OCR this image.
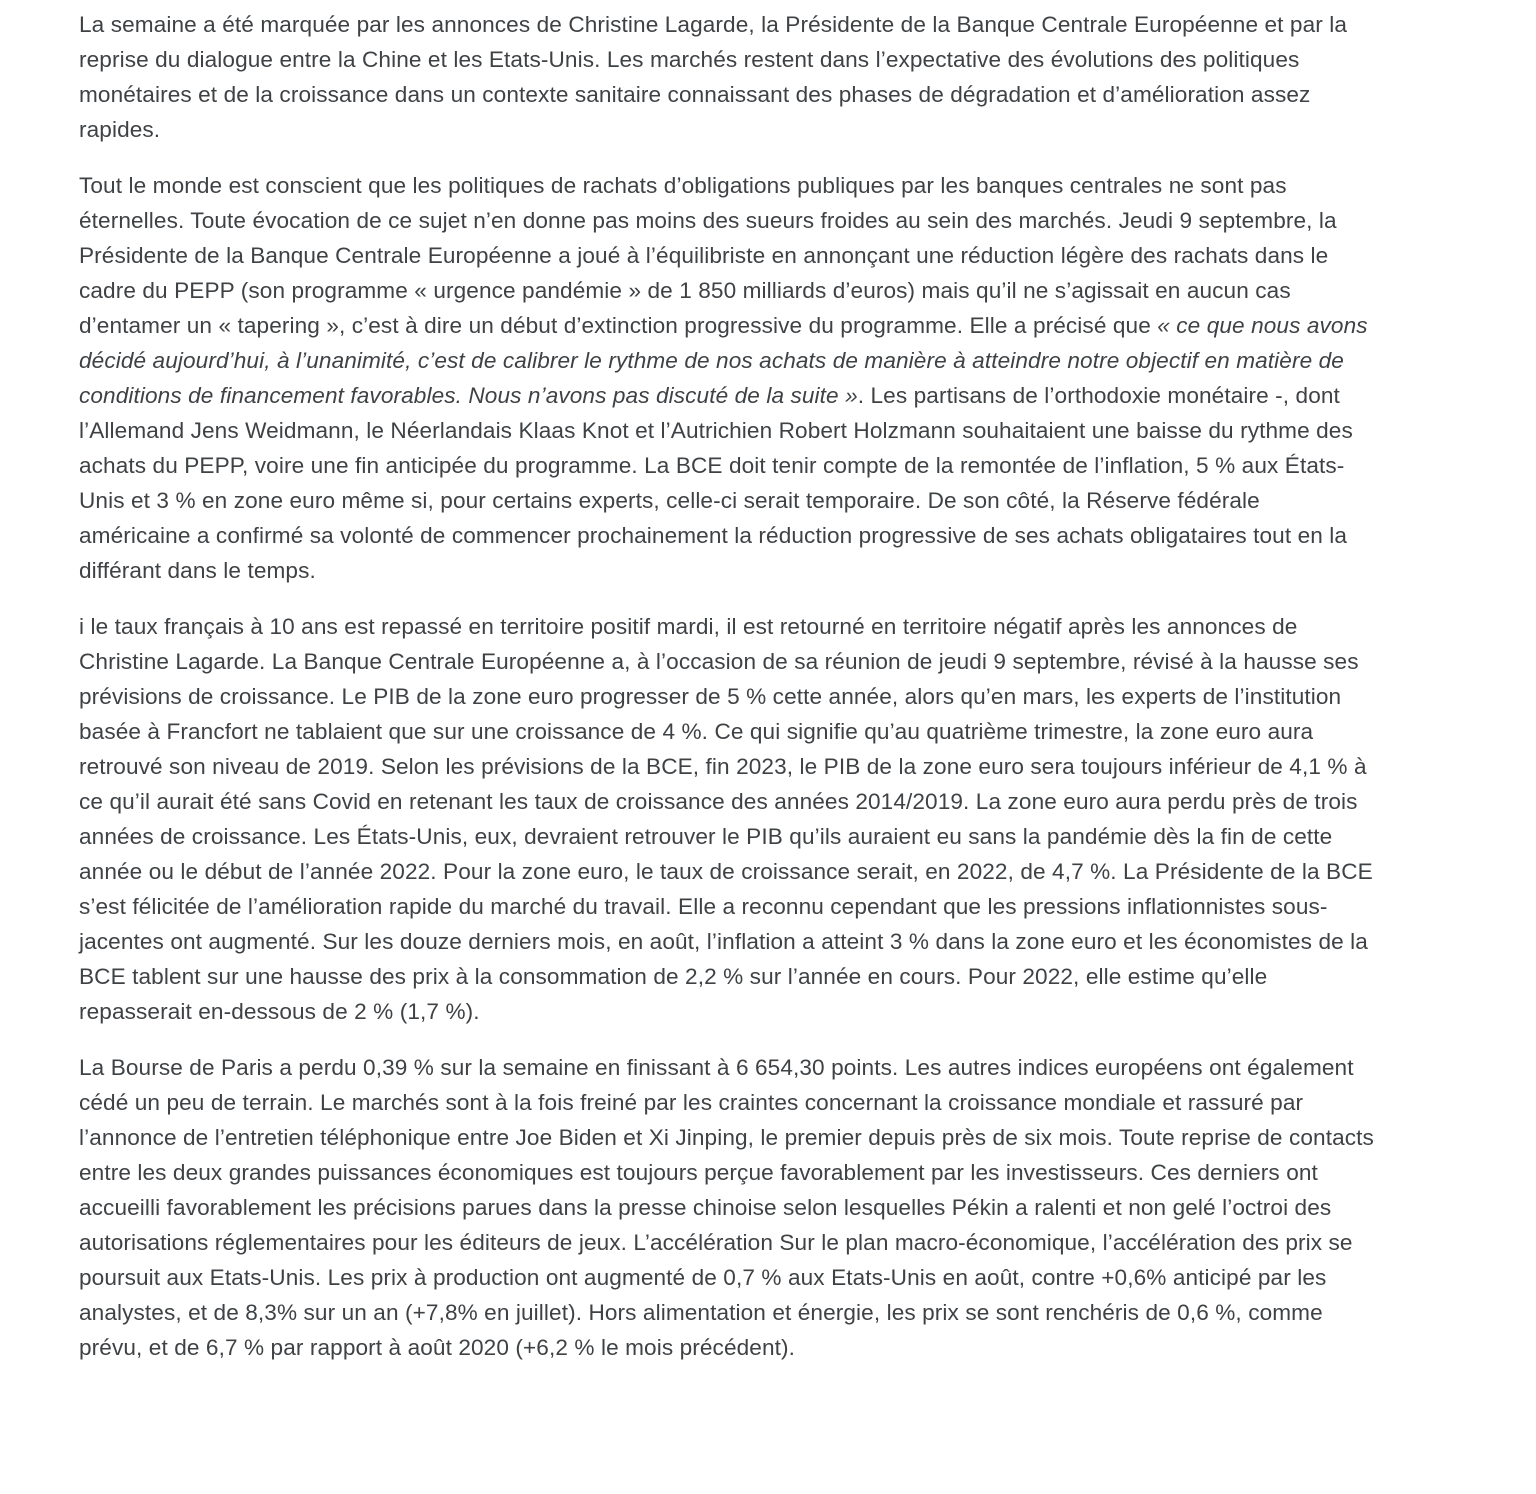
La semaine a été marquée par les annonces de Christine Lagarde, la Présidente de la Banque Centrale Européenne et par la reprise du dialogue entre la Chine et les Etats-Unis. Les marchés restent dans l’expectative des évolutions des politiques monétaires et de la croissance dans un contexte sanitaire connaissant des phases de dégradation et d’amélioration assez rapides.

Tout le monde est conscient que les politiques de rachats d’obligations publiques par les banques centrales ne sont pas éternelles. Toute évocation de ce sujet n’en donne pas moins des sueurs froides au sein des marchés. Jeudi 9 septembre, la Présidente de la Banque Centrale Européenne a joué à l’équilibriste en annonçant une réduction légère des rachats dans le cadre du PEPP (son programme « urgence pandémie » de 1 850 milliards d’euros) mais qu’il ne s’agissait en aucun cas d’entamer un « tapering », c’est à dire un début d’extinction progressive du programme. Elle a précisé que « ce que nous avons décidé aujourd’hui, à l’unanimité, c’est de calibrer le rythme de nos achats de manière à atteindre notre objectif en matière de conditions de financement favorables. Nous n’avons pas discuté de la suite ». Les partisans de l’orthodoxie monétaire -, dont l’Allemand Jens Weidmann, le Néerlandais Klaas Knot et l’Autrichien Robert Holzmann souhaitaient une baisse du rythme des achats du PEPP, voire une fin anticipée du programme. La BCE doit tenir compte de la remontée de l’inflation, 5 % aux États-Unis et 3 % en zone euro même si, pour certains experts, celle-ci serait temporaire. De son côté, la Réserve fédérale américaine a confirmé sa volonté de commencer prochainement la réduction progressive de ses achats obligataires tout en la différant dans le temps.

i le taux français à 10 ans est repassé en territoire positif mardi, il est retourné en territoire négatif après les annonces de Christine Lagarde. La Banque Centrale Européenne a, à l’occasion de sa réunion de jeudi 9 septembre, révisé à la hausse ses prévisions de croissance. Le PIB de la zone euro progresser de 5 % cette année, alors qu’en mars, les experts de l’institution basée à Francfort ne tablaient que sur une croissance de 4 %. Ce qui signifie qu’au quatrième trimestre, la zone euro aura retrouvé son niveau de 2019. Selon les prévisions de la BCE, fin 2023, le PIB de la zone euro sera toujours inférieur de 4,1 % à ce qu’il aurait été sans Covid en retenant les taux de croissance des années 2014/2019. La zone euro aura perdu près de trois années de croissance. Les États-Unis, eux, devraient retrouver le PIB qu’ils auraient eu sans la pandémie dès la fin de cette année ou le début de l’année 2022. Pour la zone euro, le taux de croissance serait, en 2022, de 4,7 %. La Présidente de la BCE s’est félicitée de l’amélioration rapide du marché du travail. Elle a reconnu cependant que les pressions inflationnistes sous-jacentes ont augmenté. Sur les douze derniers mois, en août, l’inflation a atteint 3 % dans la zone euro et les économistes de la BCE tablent sur une hausse des prix à la consommation de 2,2 % sur l’année en cours. Pour 2022, elle estime qu’elle repasserait en-dessous de 2 % (1,7 %).

La Bourse de Paris a perdu 0,39 % sur la semaine en finissant à 6 654,30 points. Les autres indices européens ont également cédé un peu de terrain. Le marchés sont à la fois freiné par les craintes concernant la croissance mondiale et rassuré par l’annonce de l’entretien téléphonique entre Joe Biden et Xi Jinping, le premier depuis près de six mois. Toute reprise de contacts entre les deux grandes puissances économiques est toujours perçue favorablement par les investisseurs. Ces derniers ont accueilli favorablement les précisions parues dans la presse chinoise selon lesquelles Pékin a ralenti et non gelé l’octroi des autorisations réglementaires pour les éditeurs de jeux. L’accélération Sur le plan macro-économique, l’accélération des prix se poursuit aux Etats-Unis. Les prix à production ont augmenté de 0,7 % aux Etats-Unis en août, contre +0,6% anticipé par les analystes, et de 8,3% sur un an (+7,8% en juillet). Hors alimentation et énergie, les prix se sont renchéris de 0,6 %, comme prévu, et de 6,7 % par rapport à août 2020 (+6,2 % le mois précédent).
